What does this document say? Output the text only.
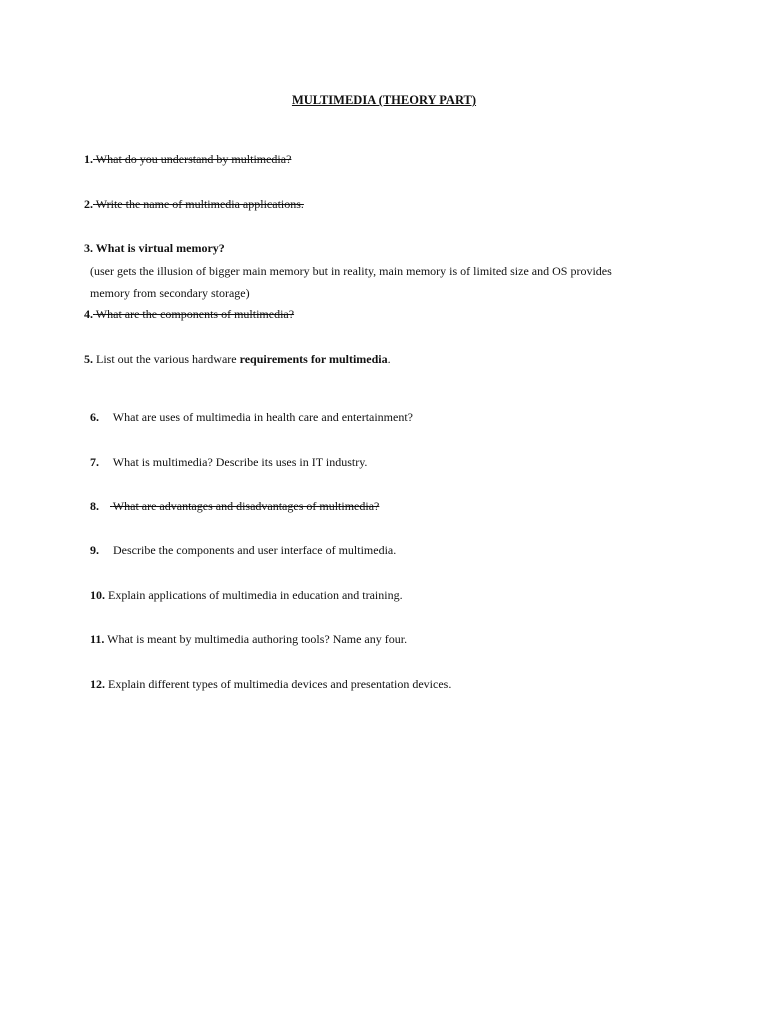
MULTIMEDIA (THEORY PART)
1. What do you understand by multimedia?
2. Write the name of multimedia applications.
3. What is virtual memory?
(user gets the illusion of bigger main memory but in reality, main memory is of limited size and OS provides
memory from secondary storage)
4. What are the components of multimedia?
5. List out the various hardware requirements for multimedia.
6. What are uses of multimedia in health care and entertainment?
7. What is multimedia? Describe its uses in IT industry.
8. What are advantages and disadvantages of multimedia?
9. Describe the components and user interface of multimedia.
10. Explain applications of multimedia in education and training.
11. What is meant by multimedia authoring tools? Name any four.
12. Explain different types of multimedia devices and presentation devices.
